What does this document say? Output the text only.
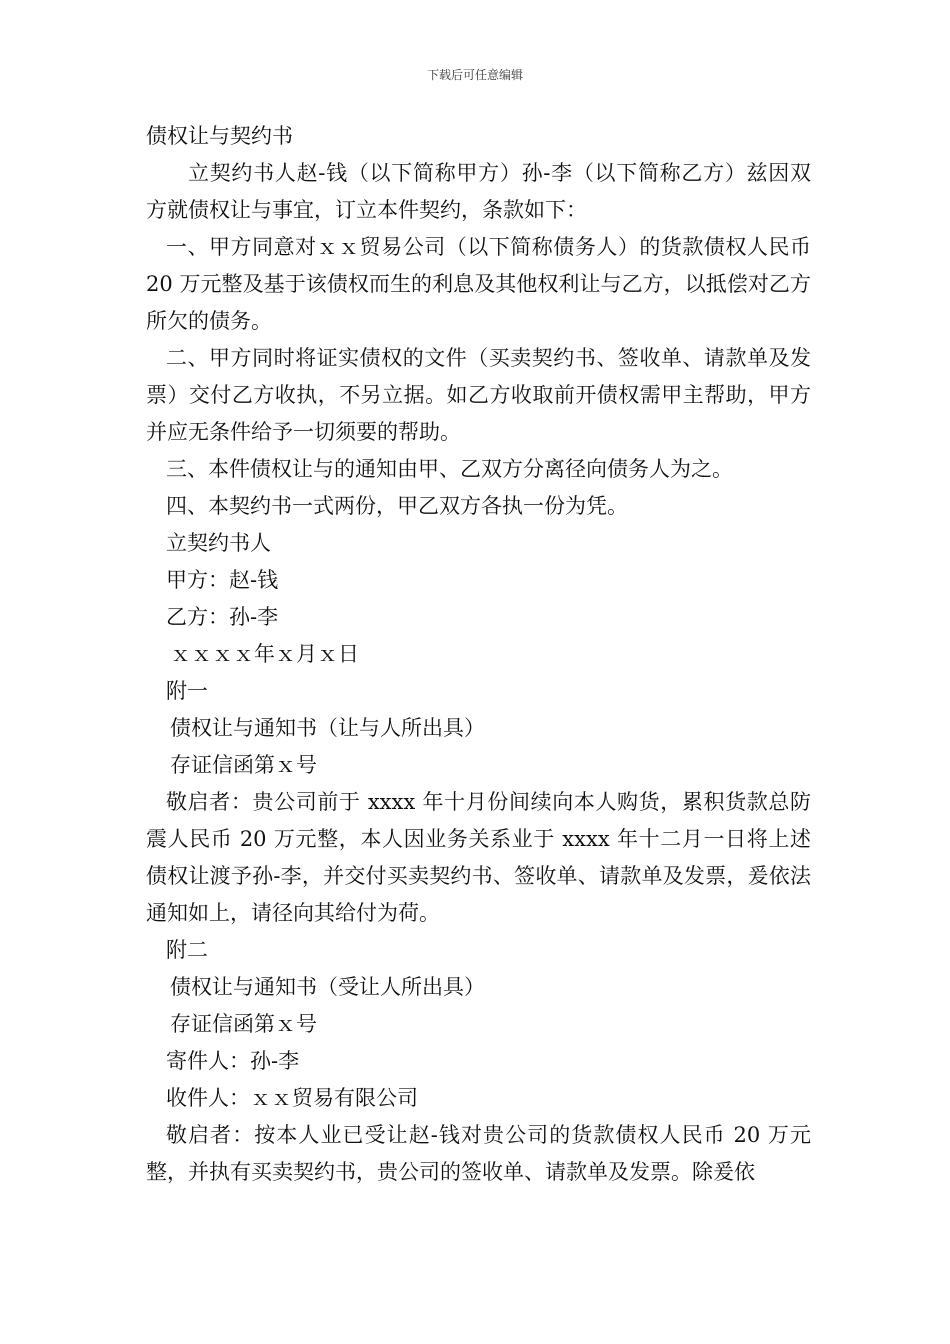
下载后可任意编辑
债权让与契约书
立契约书人赵-钱（以下简称甲方）孙-李（以下简称乙方）兹因双方就债权让与事宜，订立本件契约，条款如下：
一、甲方同意对ｘｘ贸易公司（以下简称债务人）的货款债权人民币 20 万元整及基于该债权而生的利息及其他权利让与乙方，以抵偿对乙方所欠的债务。
二、甲方同时将证实债权的文件（买卖契约书、签收单、请款单及发票）交付乙方收执，不另立据。如乙方收取前开债权需甲主帮助，甲方并应无条件给予一切须要的帮助。
三、本件债权让与的通知由甲、乙双方分离径向债务人为之。
四、本契约书一式两份，甲乙双方各执一份为凭。
立契约书人
甲方：赵-钱
乙方：孙-李
ｘｘｘｘ年ｘ月ｘ日
附一
债权让与通知书（让与人所出具）
存证信函第ｘ号
敬启者：贵公司前于 xxxx 年十月份间续向本人购货，累积货款总防震人民币 20 万元整，本人因业务关系业于 xxxx 年十二月一日将上述债权让渡予孙-李，并交付买卖契约书、签收单、请款单及发票，爰依法通知如上，请径向其给付为荷。
附二
债权让与通知书（受让人所出具）
存证信函第ｘ号
寄件人：孙-李
收件人：ｘｘ贸易有限公司
敬启者：按本人业已受让赵-钱对贵公司的货款债权人民币 20 万元整，并执有买卖契约书，贵公司的签收单、请款单及发票。除爰依
